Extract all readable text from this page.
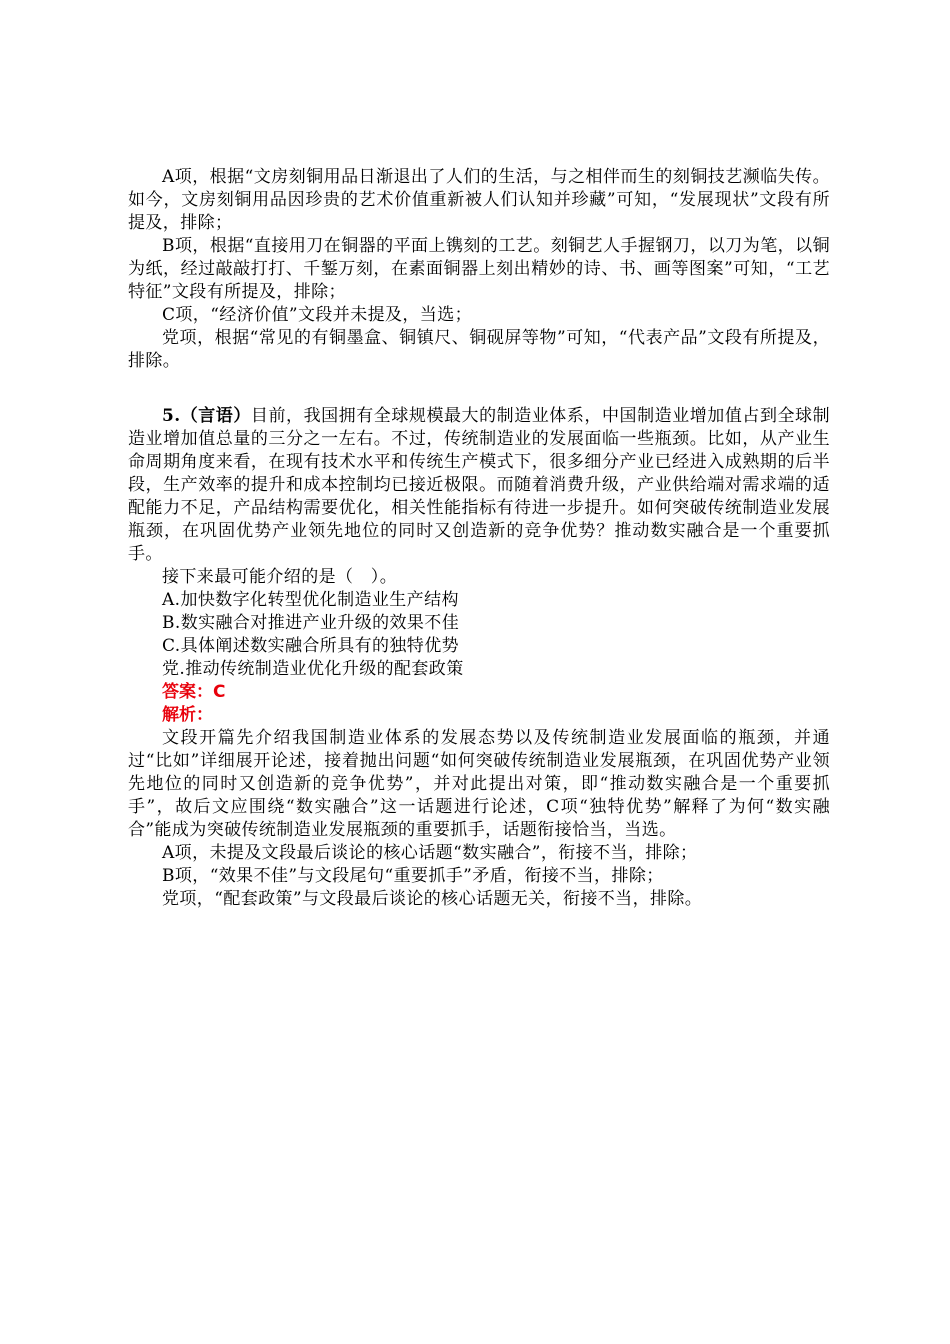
A项，根据“文房刻铜用品日渐退出了人们的生活，与之相伴而生的刻铜技艺濒临失传。如今，文房刻铜用品因珍贵的艺术价值重新被人们认知并珍藏”可知，“发展现状”文段有所提及，排除；

B项，根据“直接用刀在铜器的平面上镌刻的工艺。刻铜艺人手握钢刀，以刀为笔，以铜为纸，经过敲敲打打、千錾万刻，在素面铜器上刻出精妙的诗、书、画等图案”可知，“工艺特征”文段有所提及，排除；

C项，“经济价值”文段并未提及，当选；

党项，根据“常见的有铜墨盒、铜镇尺、铜砚屏等物”可知，“代表产品”文段有所提及，排除。

5.（言语）目前，我国拥有全球规模最大的制造业体系，中国制造业增加值占到全球制造业增加值总量的三分之一左右。不过，传统制造业的发展面临一些瓶颈。比如，从产业生命周期角度来看，在现有技术水平和传统生产模式下，很多细分产业已经进入成熟期的后半段，生产效率的提升和成本控制均已接近极限。而随着消费升级，产业供给端对需求端的适配能力不足，产品结构需要优化，相关性能指标有待进一步提升。如何突破传统制造业发展瓶颈，在巩固优势产业领先地位的同时又创造新的竞争优势？推动数实融合是一个重要抓手。

接下来最可能介绍的是（　）。

A.加快数字化转型优化制造业生产结构

B.数实融合对推进产业升级的效果不佳

C.具体阐述数实融合所具有的独特优势

党.推动传统制造业优化升级的配套政策

答案：C

解析：

文段开篇先介绍我国制造业体系的发展态势以及传统制造业发展面临的瓶颈，并通过“比如”详细展开论述，接着抛出问题“如何突破传统制造业发展瓶颈，在巩固优势产业领先地位的同时又创造新的竞争优势”，并对此提出对策，即“推动数实融合是一个重要抓手”，故后文应围绕“数实融合”这一话题进行论述，C项“独特优势”解释了为何“数实融合”能成为突破传统制造业发展瓶颈的重要抓手，话题衔接恰当，当选。

A项，未提及文段最后谈论的核心话题“数实融合”，衔接不当，排除；

B项，“效果不佳”与文段尾句“重要抓手”矛盾，衔接不当，排除；

党项，“配套政策”与文段最后谈论的核心话题无关，衔接不当，排除。
